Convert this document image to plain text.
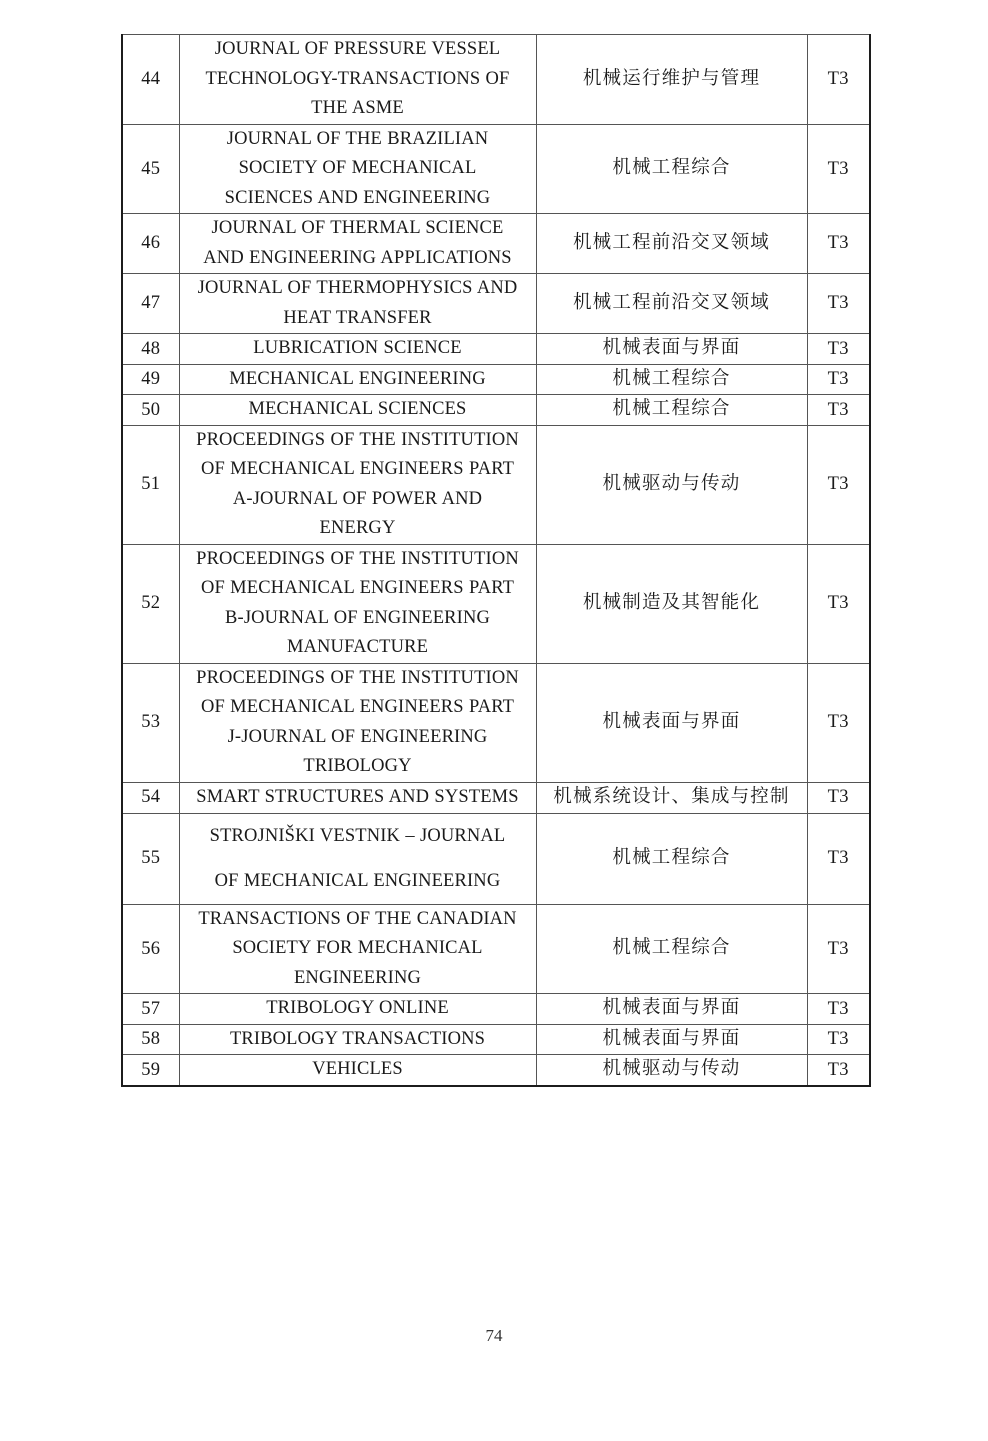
44	JOURNAL OF PRESSURE VESSEL
TECHNOLOGY-TRANSACTIONS OF
THE ASME	机械运行维护与管理	T3
45	JOURNAL OF THE BRAZILIAN
SOCIETY OF MECHANICAL
SCIENCES AND ENGINEERING	机械工程综合	T3
46	JOURNAL OF THERMAL SCIENCE
AND ENGINEERING APPLICATIONS	机械工程前沿交叉领域	T3
47	JOURNAL OF THERMOPHYSICS AND
HEAT TRANSFER	机械工程前沿交叉领域	T3
48	LUBRICATION SCIENCE	机械表面与界面	T3
49	MECHANICAL ENGINEERING	机械工程综合	T3
50	MECHANICAL SCIENCES	机械工程综合	T3
51	PROCEEDINGS OF THE INSTITUTION
OF MECHANICAL ENGINEERS PART
A-JOURNAL OF POWER AND
ENERGY	机械驱动与传动	T3
52	PROCEEDINGS OF THE INSTITUTION
OF MECHANICAL ENGINEERS PART
B-JOURNAL OF ENGINEERING
MANUFACTURE	机械制造及其智能化	T3
53	PROCEEDINGS OF THE INSTITUTION
OF MECHANICAL ENGINEERS PART
J-JOURNAL OF ENGINEERING
TRIBOLOGY	机械表面与界面	T3
54	SMART STRUCTURES AND SYSTEMS	机械系统设计、集成与控制	T3
55	STROJNIŠKI VESTNIK – JOURNAL
OF MECHANICAL ENGINEERING	机械工程综合	T3
56	TRANSACTIONS OF THE CANADIAN
SOCIETY FOR MECHANICAL
ENGINEERING	机械工程综合	T3
57	TRIBOLOGY ONLINE	机械表面与界面	T3
58	TRIBOLOGY TRANSACTIONS	机械表面与界面	T3
59	VEHICLES	机械驱动与传动	T3
74
